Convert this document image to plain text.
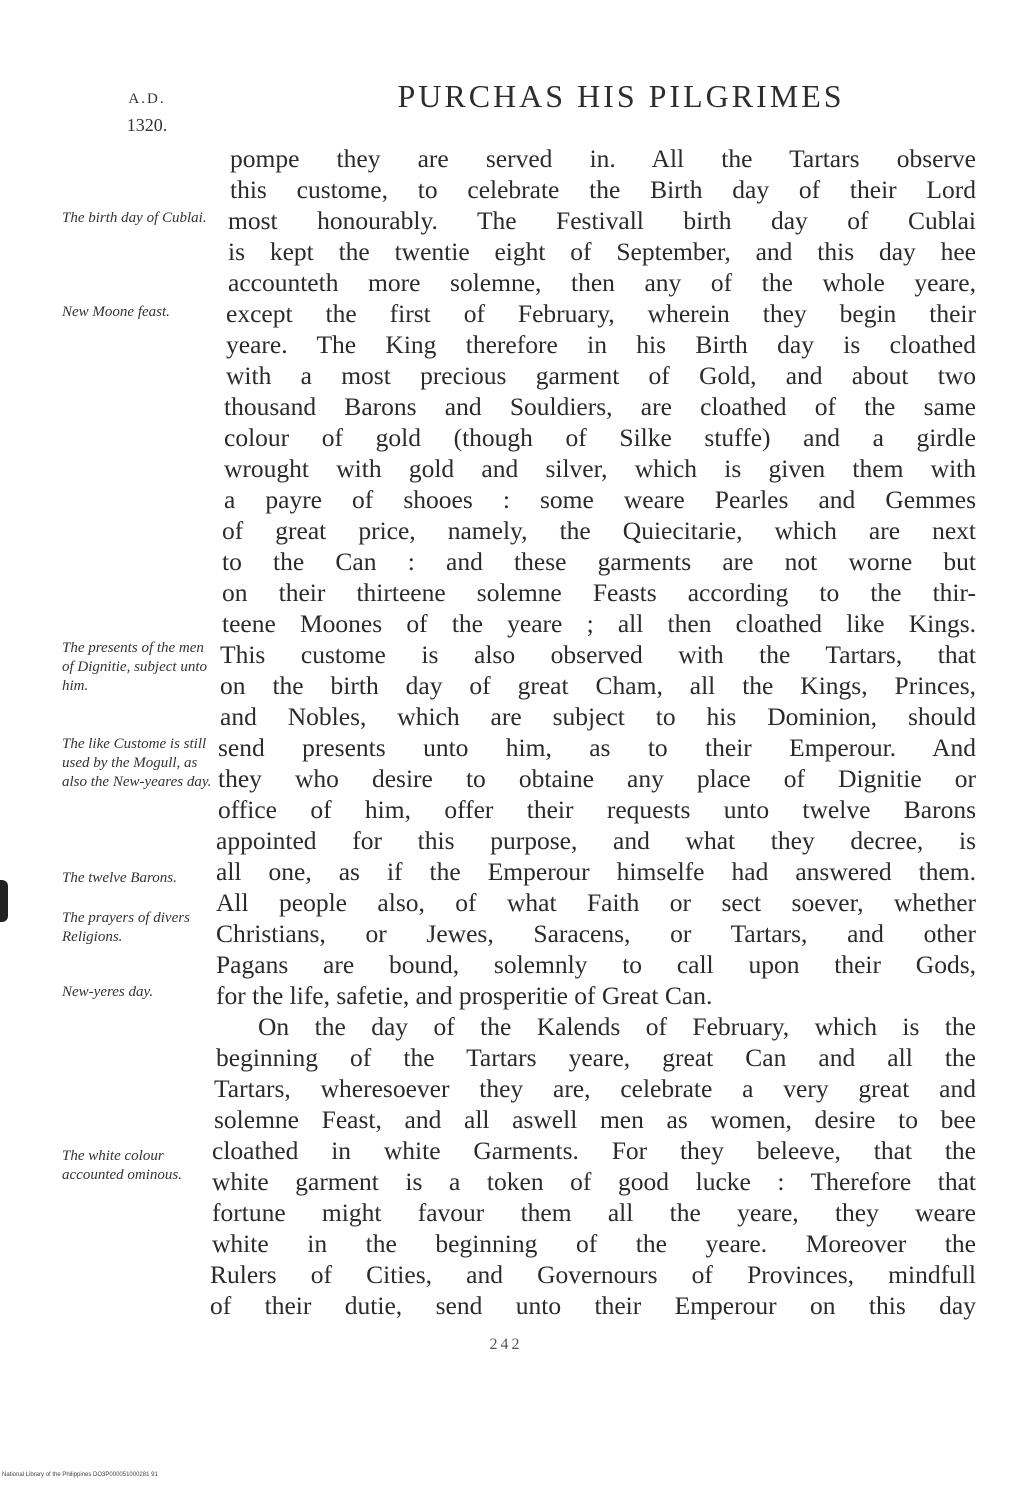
A.D.
1320.
PURCHAS HIS PILGRIMES
The birth day of Cublai.
New Moone feast.
The presents of the men of Dignitie, subject unto him.
The like Custome is still used by the Mogull, as also the New-yeares day.
The twelve Barons.
The prayers of divers Religions.
New-yeres day.
The white colour accounted ominous.
pompe they are served in. All the Tartars observe
this custome, to celebrate the Birth day of their Lord
most honourably. The Festivall birth day of Cublai
is kept the twentie eight of September, and this day hee
accounteth more solemne, then any of the whole yeare,
except the first of February, wherein they begin their
yeare. The King therefore in his Birth day is cloathed
with a most precious garment of Gold, and about two
thousand Barons and Souldiers, are cloathed of the same
colour of gold (though of Silke stuffe) and a girdle
wrought with gold and silver, which is given them with
a payre of shooes : some weare Pearles and Gemmes
of great price, namely, the Quiecitarie, which are next
to the Can : and these garments are not worne but
on their thirteene solemne Feasts according to the thir-
teene Moones of the yeare ; all then cloathed like Kings.
This custome is also observed with the Tartars, that
on the birth day of great Cham, all the Kings, Princes,
and Nobles, which are subject to his Dominion, should
send presents unto him, as to their Emperour. And
they who desire to obtaine any place of Dignitie or
office of him, offer their requests unto twelve Barons
appointed for this purpose, and what they decree, is
all one, as if the Emperour himselfe had answered them.
All people also, of what Faith or sect soever, whether
Christians, or Jewes, Saracens, or Tartars, and other
Pagans are bound, solemnly to call upon their Gods,
for the life, safetie, and prosperitie of Great Can.
On the day of the Kalends of February, which is the
beginning of the Tartars yeare, great Can and all the
Tartars, wheresoever they are, celebrate a very great and
solemne Feast, and all aswell men as women, desire to bee
cloathed in white Garments. For they beleeve, that the
white garment is a token of good lucke : Therefore that
fortune might favour them all the yeare, they weare
white in the beginning of the yeare. Moreover the
Rulers of Cities, and Governours of Provinces, mindfull
of their dutie, send unto their Emperour on this day
242
National Library of the Philippines DO3P000051000281 91
